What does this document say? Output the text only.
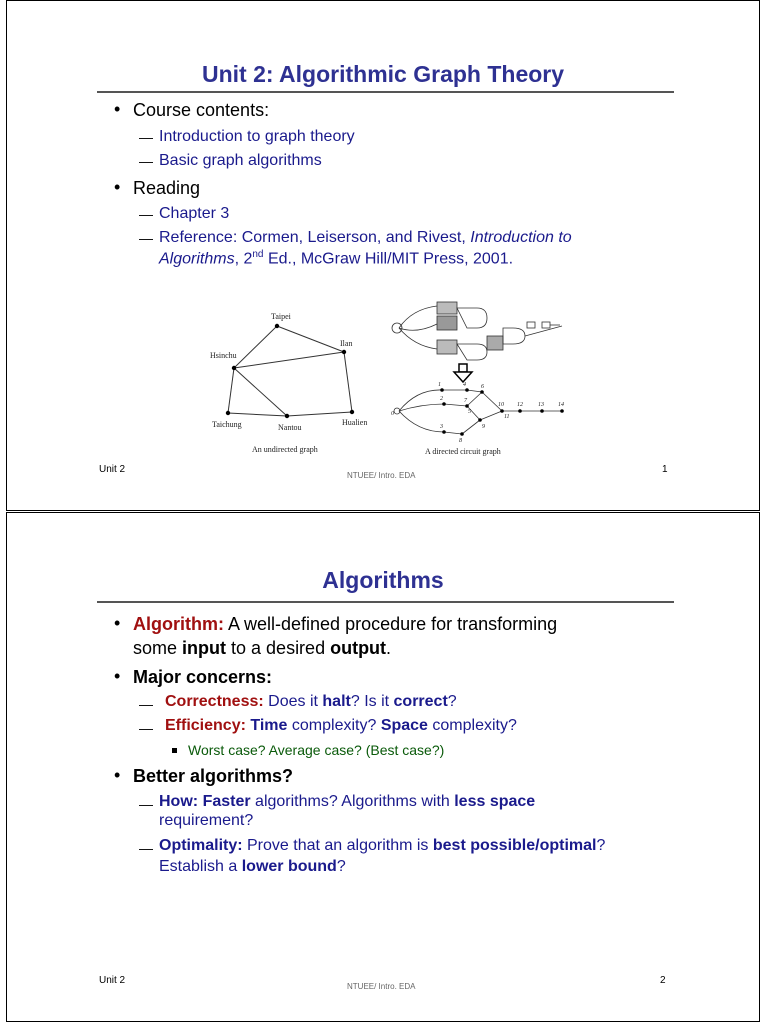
Unit 2: Algorithmic Graph Theory
• Course contents:
— Introduction to graph theory
— Basic graph algorithms
• Reading
— Chapter 3
— Reference: Cormen, Leiserson, and Rivest, Introduction to
Algorithms, 2nd Ed., McGraw Hill/MIT Press, 2001.
Taipei
Ilan
Hsinchu
Taichung	Nantou
Hualien
An undirected graph
0
1
2
3
4
5
6
7
8
9
10
11
12	13 14
A directed circuit graph
Unit 2
NTUEE/ Intro. EDA
1
Algorithms
• Algorithm: A well-defined procedure for transforming
some input to a desired output.
• Major concerns:
— Correctness: Does it halt? Is it correct?
— Efficiency: Time complexity? Space complexity?
Worst case? Average case? (Best case?)
• Better algorithms?
— How: Faster algorithms? Algorithms with less space
requirement?
— Optimality: Prove that an algorithm is best possible/optimal?
Establish a lower bound?
Unit 2
NTUEE/ Intro. EDA
2
